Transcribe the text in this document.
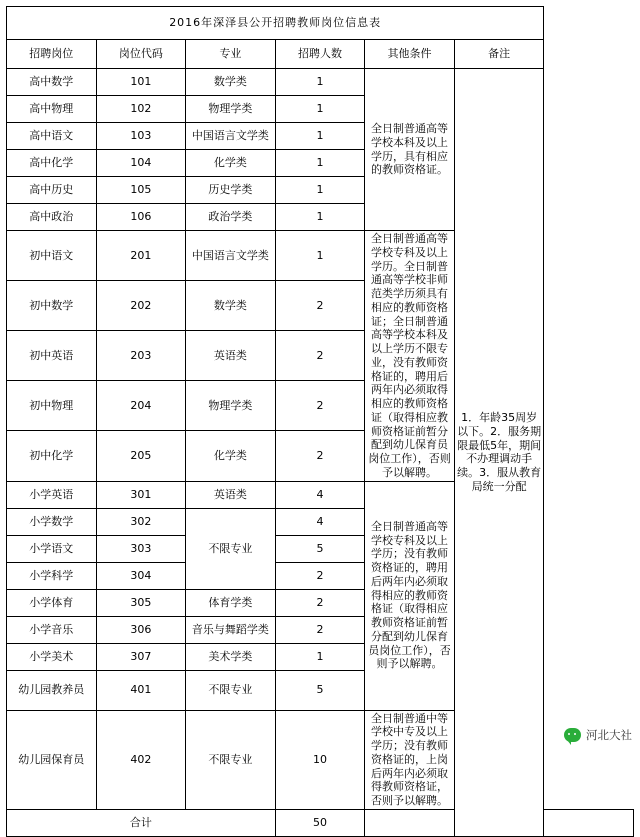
2016年深泽县公开招聘教师岗位信息表						
招聘岗位	岗位代码	专业	招聘人数	其他条件	备注	
高中数学	101	数学类	1	全日制普通高等学校本科及以上学历，具有相应的教师资格证。	1．年龄35周岁以下。2．服务期限最低5年，期间不办理调动手续。3．服从教育局统一分配	
高中物理	102	物理学类	1			
高中语文	103	中国语言文学类	1			
高中化学	104	化学类	1			
高中历史	105	历史学类	1			
高中政治	106	政治学类	1			
初中语文	201	中国语言文学类	1	全日制普通高等学校专科及以上学历。全日制普通高等学校非师范类学历须具有相应的教师资格证；全日制普通高等学校本科及以上学历不限专业，没有教师资格证的，聘用后两年内必须取得相应的教师资格证（取得相应教师资格证前暂分配到幼儿保育员岗位工作），否则予以解聘。		
初中数学	202	数学类	2			
初中英语	203	英语类	2			
初中物理	204	物理学类	2			
初中化学	205	化学类	2			
小学英语	301	英语类	4	全日制普通高等学校专科及以上学历；没有教师资格证的，聘用后两年内必须取得相应的教师资格证（取得相应教师资格证前暂分配到幼儿保育员岗位工作），否则予以解聘。		
小学数学	302	不限专业	4			
小学语文	303		5			
小学科学	304		2			
小学体育	305	体育学类	2			
小学音乐	306	音乐与舞蹈学类	2			
小学美术	307	美术学类	1			
幼儿园教养员	401	不限专业	5			
幼儿园保育员	402	不限专业	10	全日制普通中等学校中专及以上学历；没有教师资格证的，上岗后两年内必须取得教师资格证，否则予以解聘。		
合计			50			
河北大社
